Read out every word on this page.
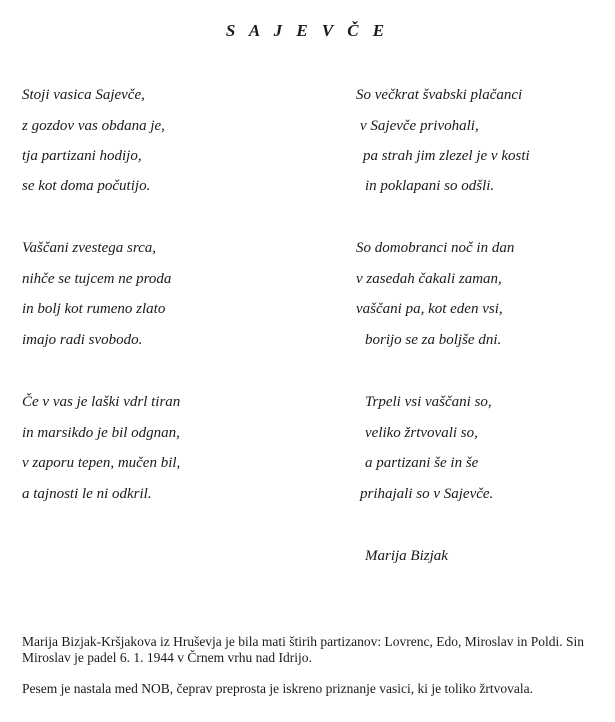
S A J E V Č E
Stoji vasica Sajevče,
z gozdov vas obdana je,
tja partizani hodijo,
se kot doma počutijo.
Vaščani zvestega srca,
nihče se tujcem ne proda
in bolj kot rumeno zlato
imajo radi svobodo.
Če v vas je laški vdrl tiran
in marsikdo je bil odgnan,
v zaporu tepen, mučen bil,
a tajnosti le ni odkril.
So večkrat švabski plačanci
v Sajevče privohali,
pa strah jim zlezel je v kosti
in poklapani so odšli.
So domobranci noč in dan
v zasedah čakali zaman,
vaščani pa, kot eden vsi,
borijo se za boljše dni.
Trpeli vsi vaščani so,
veliko žrtvovali so,
a partizani še in še
prihajali so v Sajevče.
Marija Bizjak
Marija Bizjak-Kršjakova iz Hruševja je bila mati štirih partizanov: Lovrenc, Edo, Miroslav in Poldi. Sin Miroslav je padel 6. 1. 1944 v Črnem vrhu nad Idrijo.
Pesem je nastala med NOB, čeprav preprosta je iskreno priznanje vasici, ki je toliko žrtvovala.
